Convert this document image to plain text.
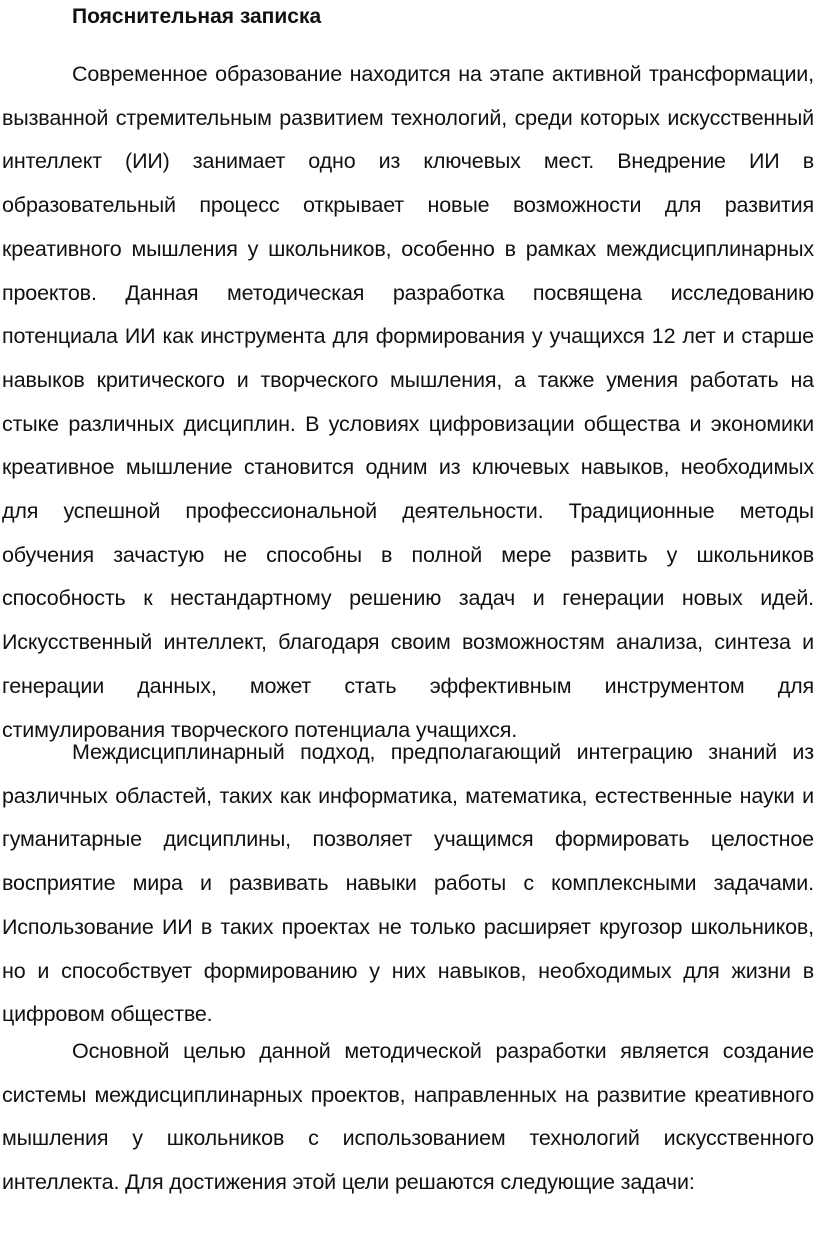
Пояснительная записка

Современное образование находится на этапе активной трансформации, вызванной стремительным развитием технологий, среди которых искусственный интеллект (ИИ) занимает одно из ключевых мест. Внедрение ИИ в образовательный процесс открывает новые возможности для развития креативного мышления у школьников, особенно в рамках междисциплинарных проектов. Данная методическая разработка посвящена исследованию потенциала ИИ как инструмента для формирования у учащихся 12 лет и старше навыков критического и творческого мышления, а также умения работать на стыке различных дисциплин. В условиях цифровизации общества и экономики креативное мышление становится одним из ключевых навыков, необходимых для успешной профессиональной деятельности. Традиционные методы обучения зачастую не способны в полной мере развить у школьников способность к нестандартному решению задач и генерации новых идей. Искусственный интеллект, благодаря своим возможностям анализа, синтеза и генерации данных, может стать эффективным инструментом для стимулирования творческого потенциала учащихся.

Междисциплинарный подход, предполагающий интеграцию знаний из различных областей, таких как информатика, математика, естественные науки и гуманитарные дисциплины, позволяет учащимся формировать целостное восприятие мира и развивать навыки работы с комплексными задачами. Использование ИИ в таких проектах не только расширяет кругозор школьников, но и способствует формированию у них навыков, необходимых для жизни в цифровом обществе.

Основной целью данной методической разработки является создание системы междисциплинарных проектов, направленных на развитие креативного мышления у школьников с использованием технологий искусственного интеллекта. Для достижения этой цели решаются следующие задачи:
